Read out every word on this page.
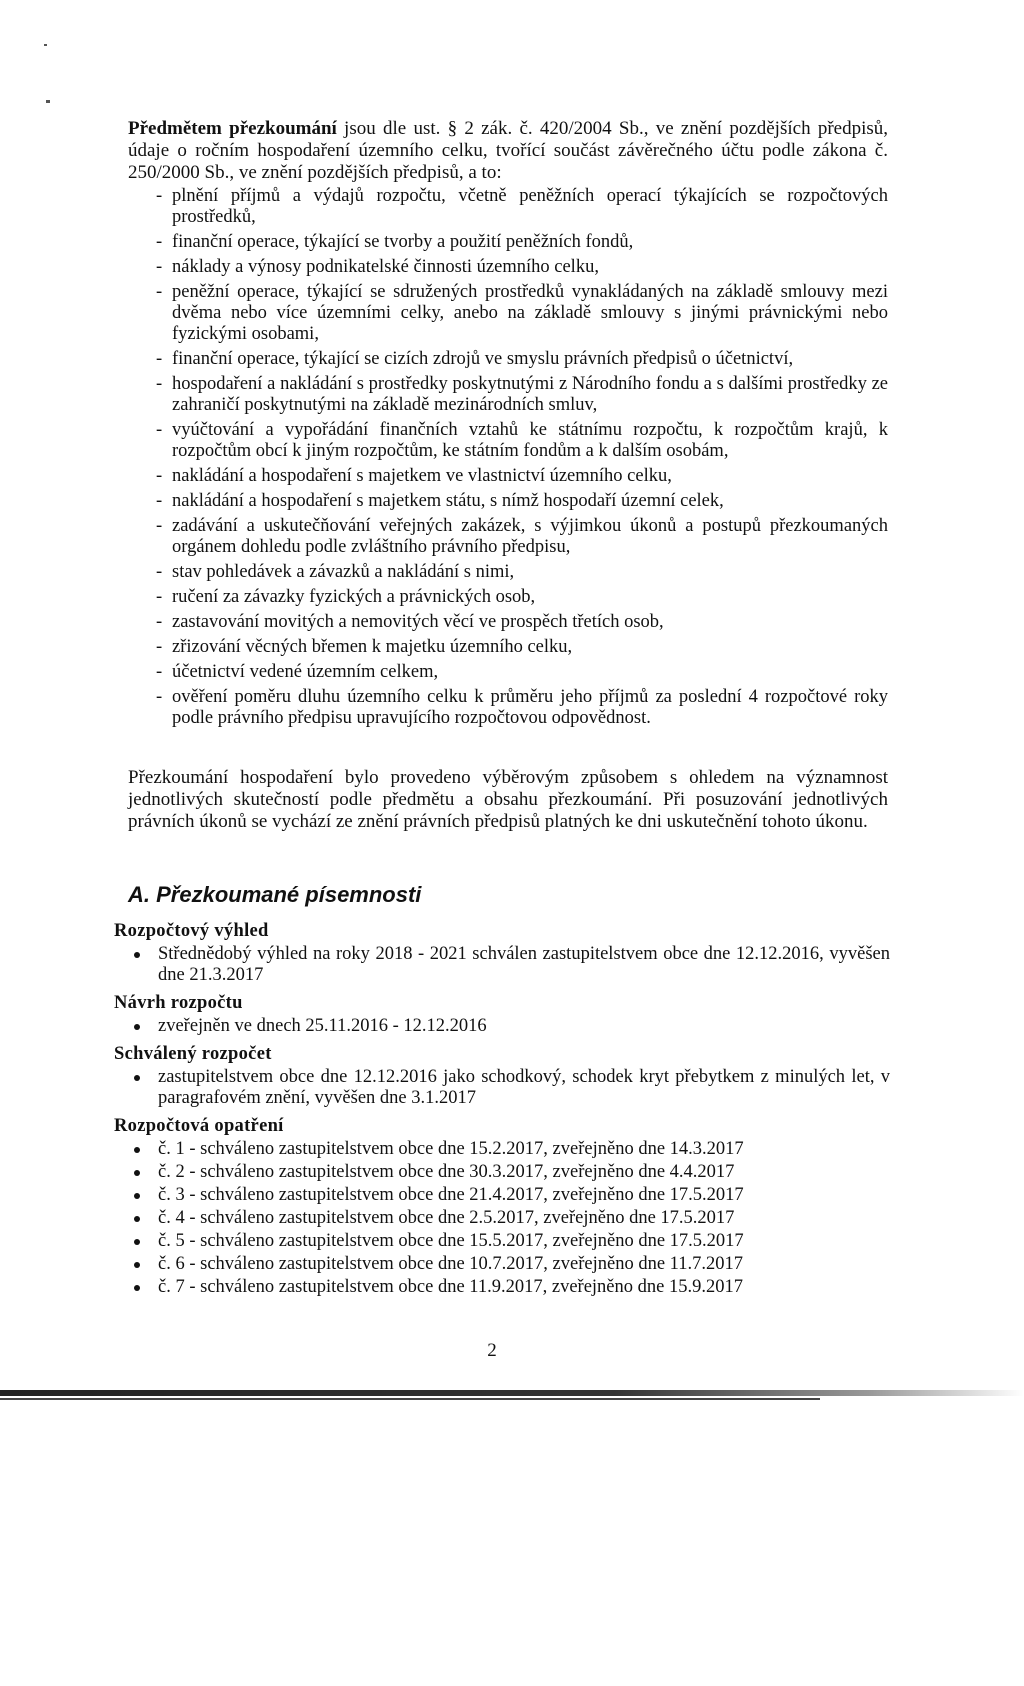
Předmětem přezkoumání jsou dle ust. § 2 zák. č. 420/2004 Sb., ve znění pozdějších předpisů, údaje o ročním hospodaření územního celku, tvořící součást závěrečného účtu podle zákona č. 250/2000 Sb., ve znění pozdějších předpisů, a to:

- plnění příjmů a výdajů rozpočtu, včetně peněžních operací týkajících se rozpočtových prostředků,
- finanční operace, týkající se tvorby a použití peněžních fondů,
- náklady a výnosy podnikatelské činnosti územního celku,
- peněžní operace, týkající se sdružených prostředků vynakládaných na základě smlouvy mezi dvěma nebo více územními celky, anebo na základě smlouvy s jinými právnickými nebo fyzickými osobami,
- finanční operace, týkající se cizích zdrojů ve smyslu právních předpisů o účetnictví,
- hospodaření a nakládání s prostředky poskytnutými z Národního fondu a s dalšími prostředky ze zahraničí poskytnutými na základě mezinárodních smluv,
- vyúčtování a vypořádání finančních vztahů ke státnímu rozpočtu, k rozpočtům krajů, k rozpočtům obcí k jiným rozpočtům, ke státním fondům a k dalším osobám,
- nakládání a hospodaření s majetkem ve vlastnictví územního celku,
- nakládání a hospodaření s majetkem státu, s nímž hospodaří územní celek,
- zadávání a uskutečňování veřejných zakázek, s výjimkou úkonů a postupů přezkoumaných orgánem dohledu podle zvláštního právního předpisu,
- stav pohledávek a závazků a nakládání s nimi,
- ručení za závazky fyzických a právnických osob,
- zastavování movitých a nemovitých věcí ve prospěch třetích osob,
- zřizování věcných břemen k majetku územního celku,
- účetnictví vedené územním celkem,
- ověření poměru dluhu územního celku k průměru jeho příjmů za poslední 4 rozpočtové roky podle právního předpisu upravujícího rozpočtovou odpovědnost.

Přezkoumání hospodaření bylo provedeno výběrovým způsobem s ohledem na významnost jednotlivých skutečností podle předmětu a obsahu přezkoumání. Při posuzování jednotlivých právních úkonů se vychází ze znění právních předpisů platných ke dni uskutečnění tohoto úkonu.

A. Přezkoumané písemnosti
Rozpočtový výhled
Střednědobý výhled na roky 2018 - 2021 schválen zastupitelstvem obce dne 12.12.2016, vyvěšen dne 21.3.2017
Návrh rozpočtu
zveřejněn ve dnech 25.11.2016 - 12.12.2016
Schválený rozpočet
zastupitelstvem obce dne 12.12.2016 jako schodkový, schodek kryt přebytkem z minulých let, v paragrafovém znění, vyvěšen dne 3.1.2017
Rozpočtová opatření
č. 1 - schváleno zastupitelstvem obce dne 15.2.2017, zveřejněno dne 14.3.2017
č. 2 - schváleno zastupitelstvem obce dne 30.3.2017, zveřejněno dne 4.4.2017
č. 3 - schváleno zastupitelstvem obce dne 21.4.2017, zveřejněno dne 17.5.2017
č. 4 - schváleno zastupitelstvem obce dne 2.5.2017, zveřejněno dne 17.5.2017
č. 5 - schváleno zastupitelstvem obce dne 15.5.2017, zveřejněno dne 17.5.2017
č. 6 - schváleno zastupitelstvem obce dne 10.7.2017, zveřejněno dne 11.7.2017
č. 7 - schváleno zastupitelstvem obce dne 11.9.2017, zveřejněno dne 15.9.2017
2
